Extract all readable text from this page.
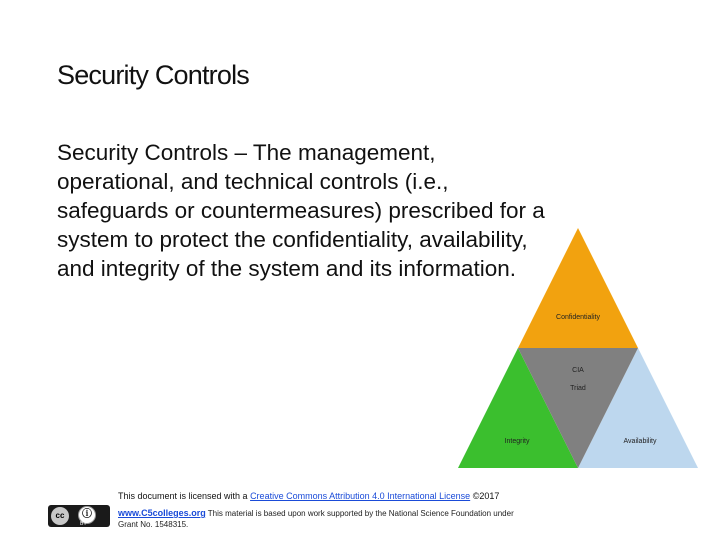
Security Controls
Security Controls – The management, operational, and technical controls (i.e., safeguards or countermeasures) prescribed for a system to protect the confidentiality, availability, and integrity of the system and its information.
Confidentiality
CIA
Triad
Integrity	Availability
cc	ⓘ
BY
This document is licensed with a Creative Commons Attribution 4.0 International License ©2017
www.C5colleges.org This material is based upon work supported by the National Science Foundation under
Grant No. 1548315.
